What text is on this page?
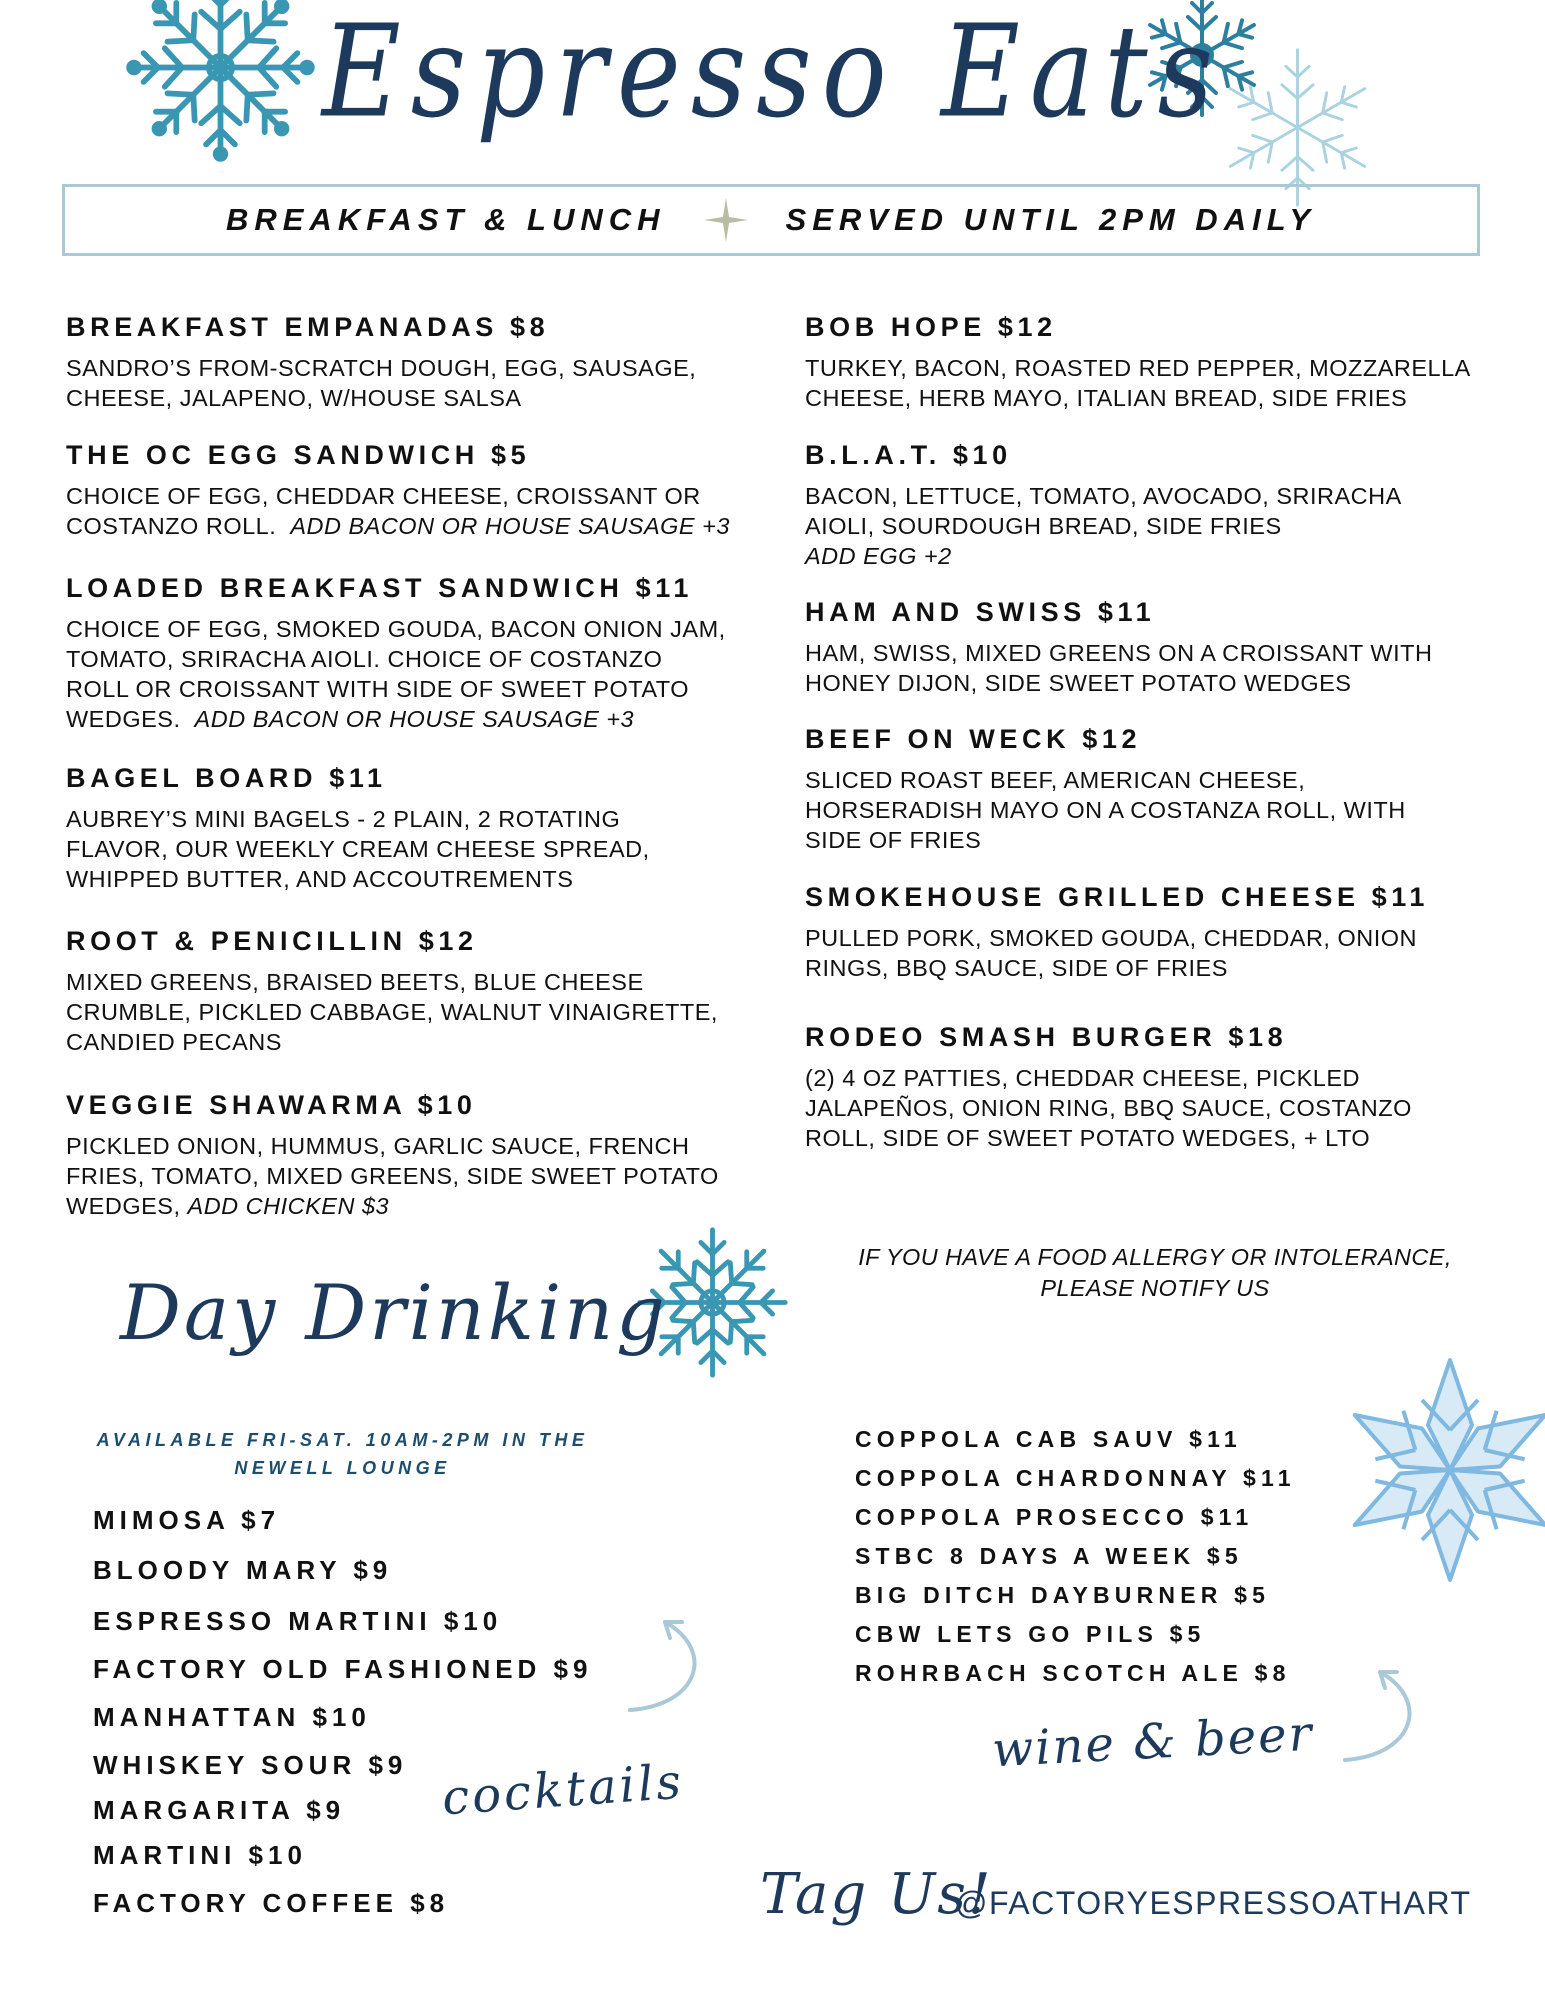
Espresso Eats
BREAKFAST & LUNCH	SERVED UNTIL 2PM DAILY
BREAKFAST EMPANADAS $8
SANDRO’S FROM-SCRATCH DOUGH, EGG, SAUSAGE,
CHEESE, JALAPENO, W/HOUSE SALSA
THE OC EGG SANDWICH $5
CHOICE OF EGG, CHEDDAR CHEESE, CROISSANT OR
COSTANZO ROLL. ADD BACON OR HOUSE SAUSAGE +3
LOADED BREAKFAST SANDWICH $11
CHOICE OF EGG, SMOKED GOUDA, BACON ONION JAM,
TOMATO, SRIRACHA AIOLI. CHOICE OF COSTANZO
ROLL OR CROISSANT WITH SIDE OF SWEET POTATO
WEDGES. ADD BACON OR HOUSE SAUSAGE +3
BAGEL BOARD $11
AUBREY’S MINI BAGELS - 2 PLAIN, 2 ROTATING
FLAVOR, OUR WEEKLY CREAM CHEESE SPREAD,
WHIPPED BUTTER, AND ACCOUTREMENTS
ROOT & PENICILLIN $12
MIXED GREENS, BRAISED BEETS, BLUE CHEESE
CRUMBLE, PICKLED CABBAGE, WALNUT VINAIGRETTE,
CANDIED PECANS
VEGGIE SHAWARMA $10
PICKLED ONION, HUMMUS, GARLIC SAUCE, FRENCH
FRIES, TOMATO, MIXED GREENS, SIDE SWEET POTATO
WEDGES, ADD CHICKEN $3
BOB HOPE $12
TURKEY, BACON, ROASTED RED PEPPER, MOZZARELLA
CHEESE, HERB MAYO, ITALIAN BREAD, SIDE FRIES
B.L.A.T. $10
BACON, LETTUCE, TOMATO, AVOCADO, SRIRACHA
AIOLI, SOURDOUGH BREAD, SIDE FRIES
ADD EGG +2
HAM AND SWISS $11
HAM, SWISS, MIXED GREENS ON A CROISSANT WITH
HONEY DIJON, SIDE SWEET POTATO WEDGES
BEEF ON WECK $12
SLICED ROAST BEEF, AMERICAN CHEESE,
HORSERADISH MAYO ON A COSTANZA ROLL, WITH
SIDE OF FRIES
SMOKEHOUSE GRILLED CHEESE $11
PULLED PORK, SMOKED GOUDA, CHEDDAR, ONION
RINGS, BBQ SAUCE, SIDE OF FRIES
RODEO SMASH BURGER $18
(2) 4 OZ PATTIES, CHEDDAR CHEESE, PICKLED
JALAPEÑOS, ONION RING, BBQ SAUCE, COSTANZO
ROLL, SIDE OF SWEET POTATO WEDGES, + LTO
IF YOU HAVE A FOOD ALLERGY OR INTOLERANCE,
PLEASE NOTIFY US
Day Drinking
AVAILABLE FRI-SAT. 10AM-2PM IN THE
NEWELL LOUNGE
MIMOSA $7
BLOODY MARY $9
ESPRESSO MARTINI $10
FACTORY OLD FASHIONED $9
MANHATTAN $10
WHISKEY SOUR $9
MARGARITA $9
MARTINI $10
FACTORY COFFEE $8
cocktails
COPPOLA CAB SAUV $11
COPPOLA CHARDONNAY $11
COPPOLA PROSECCO $11
STBC 8 DAYS A WEEK $5
BIG DITCH DAYBURNER $5
CBW LETS GO PILS $5
ROHRBACH SCOTCH ALE $8
wine & beer
Tag Us!
@FACTORYESPRESSOATHART
